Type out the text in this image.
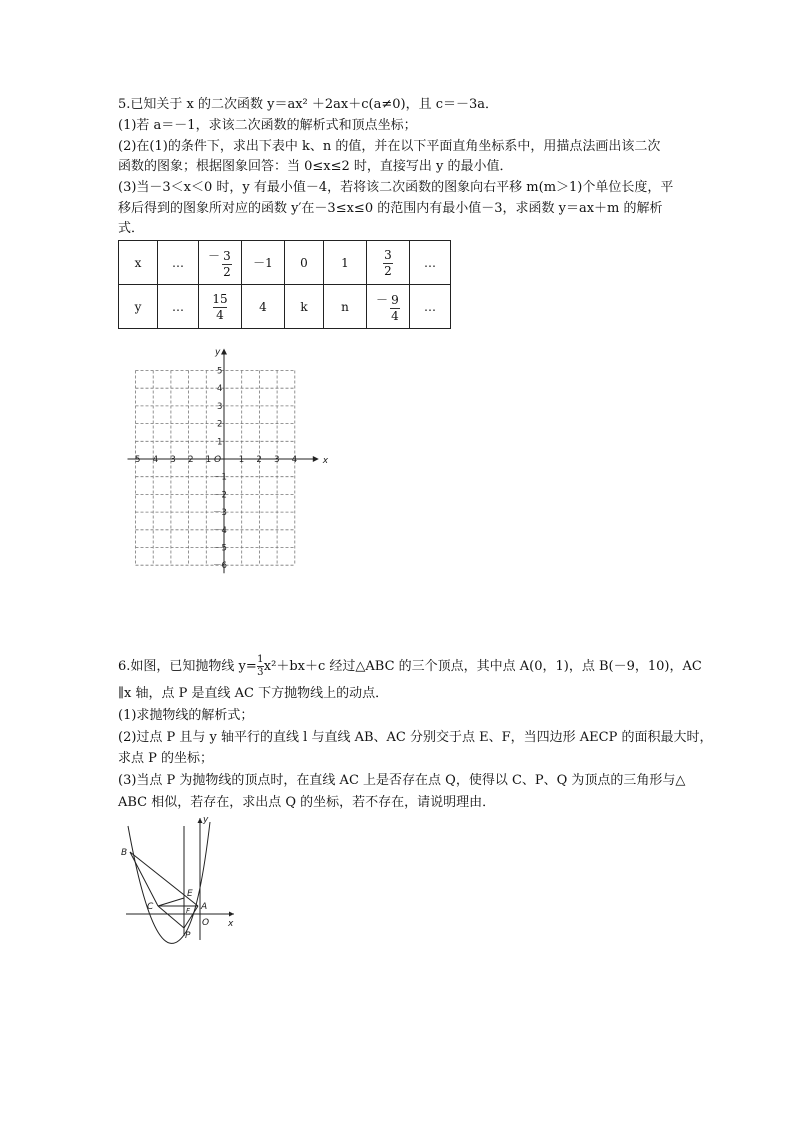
5.已知关于 x 的二次函数 y＝ax² ＋2ax＋c(a≠0)，且 c＝－3a．
(1)若 a＝－1，求该二次函数的解析式和顶点坐标；
(2)在(1)的条件下，求出下表中 k、n 的值，并在以下平面直角坐标系中，用描点法画出该二次
函数的图象；根据图象回答：当 0≤x≤2 时，直接写出 y 的最小值．
(3)当－3＜x＜0 时，y 有最小值－4，若将该二次函数的图象向右平移 m(m＞1)个单位长度，平
移后得到的图象所对应的函数 y′在－3≤x≤0 的范围内有最小值－3，求函数 y＝ax＋m 的解析
式．
x	…	－ $\frac{3}{2}$	－1	0	1	$\frac{3}{2}$	…
y	…	$\frac{15}{4}$	4	k	n	－ $\frac{9}{4}$	…
－5 －4 －3 －2 －1	1 2 3 4
5
4
3
2
1
－1
－2
－3
－4
－5
－6
O	x
y
6.如图，已知抛物线 $y= \frac{1}{3} x^2+bx+c$ 经过△ABC 的三个顶点，其中点 A(0，1)，点 B(－9，10)，AC
∥x 轴，点 P 是直线 AC 下方抛物线上的动点．
(1)求抛物线的解析式；
(2)过点 P 且与 y 轴平行的直线 l 与直线 AB、AC 分别交于点 E、F，当四边形 AECP 的面积最大时，
求点 P 的坐标；
(3)当点 P 为抛物线的顶点时，在直线 AC 上是否存在点 Q，使得以 C、P、Q 为顶点的三角形与△
ABC 相似，若存在，求出点 Q 的坐标，若不存在，请说明理由．
B
C
E
A
F
O
P
x
y
